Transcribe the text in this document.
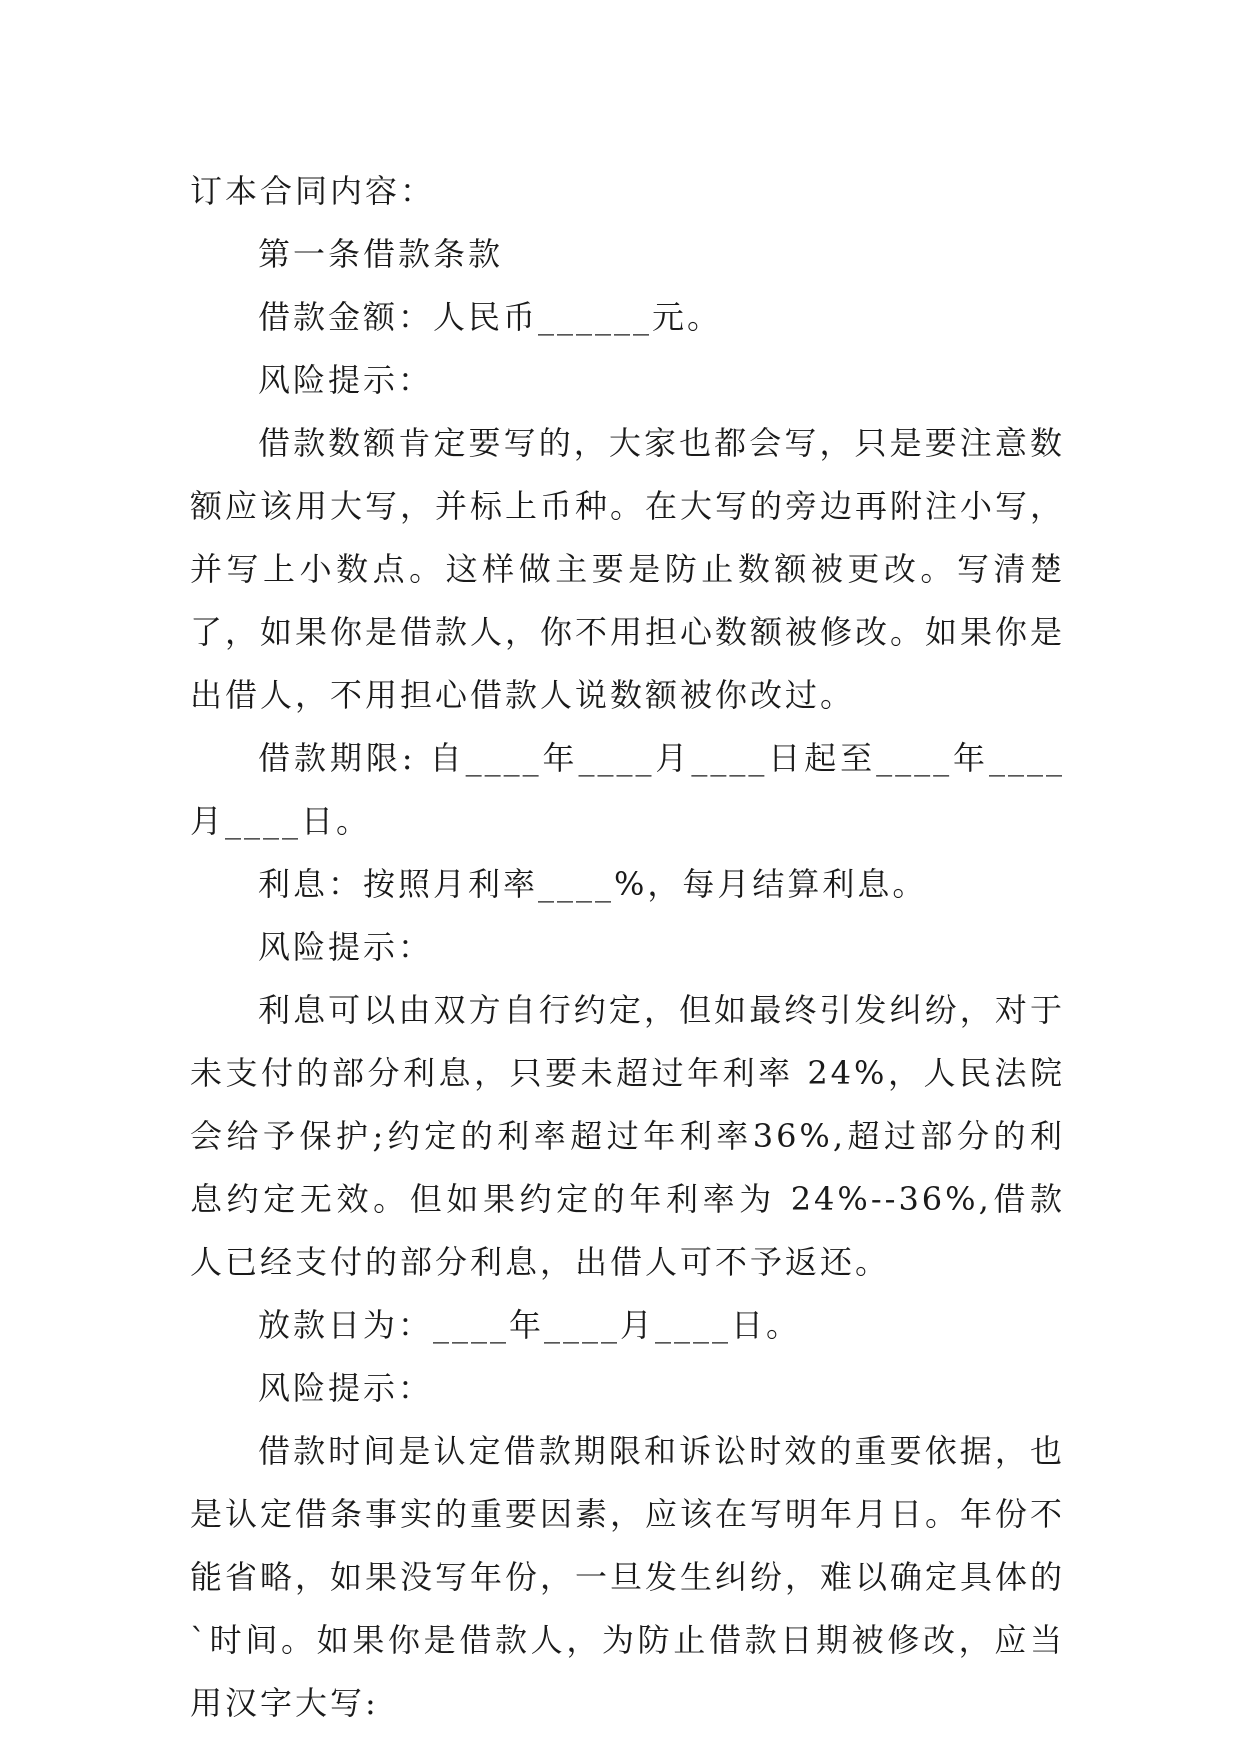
订本合同内容：

第一条借款条款

借款金额：人民币______元。

风险提示：

借款数额肯定要写的，大家也都会写，只是要注意数额应该用大写，并标上币种。在大写的旁边再附注小写，并写上小数点。这样做主要是防止数额被更改。写清楚了，如果你是借款人，你不用担心数额被修改。如果你是出借人，不用担心借款人说数额被你改过。

借款期限: 自____年____月____日起至____年____月____日。

利息：按照月利率____%，每月结算利息。

风险提示：

利息可以由双方自行约定，但如最终引发纠纷，对于未支付的部分利息，只要未超过年利率 24%，人民法院会给予保护;约定的利率超过年利率36%,超过部分的利息约定无效。但如果约定的年利率为 24%--36%,借款人已经支付的部分利息，出借人可不予返还。

放款日为：____年____月____日。

风险提示：

借款时间是认定借款期限和诉讼时效的重要依据，也是认定借条事实的重要因素，应该在写明年月日。年份不能省略，如果没写年份，一旦发生纠纷，难以确定具体的`时间。如果你是借款人，为防止借款日期被修改，应当用汉字大写:
